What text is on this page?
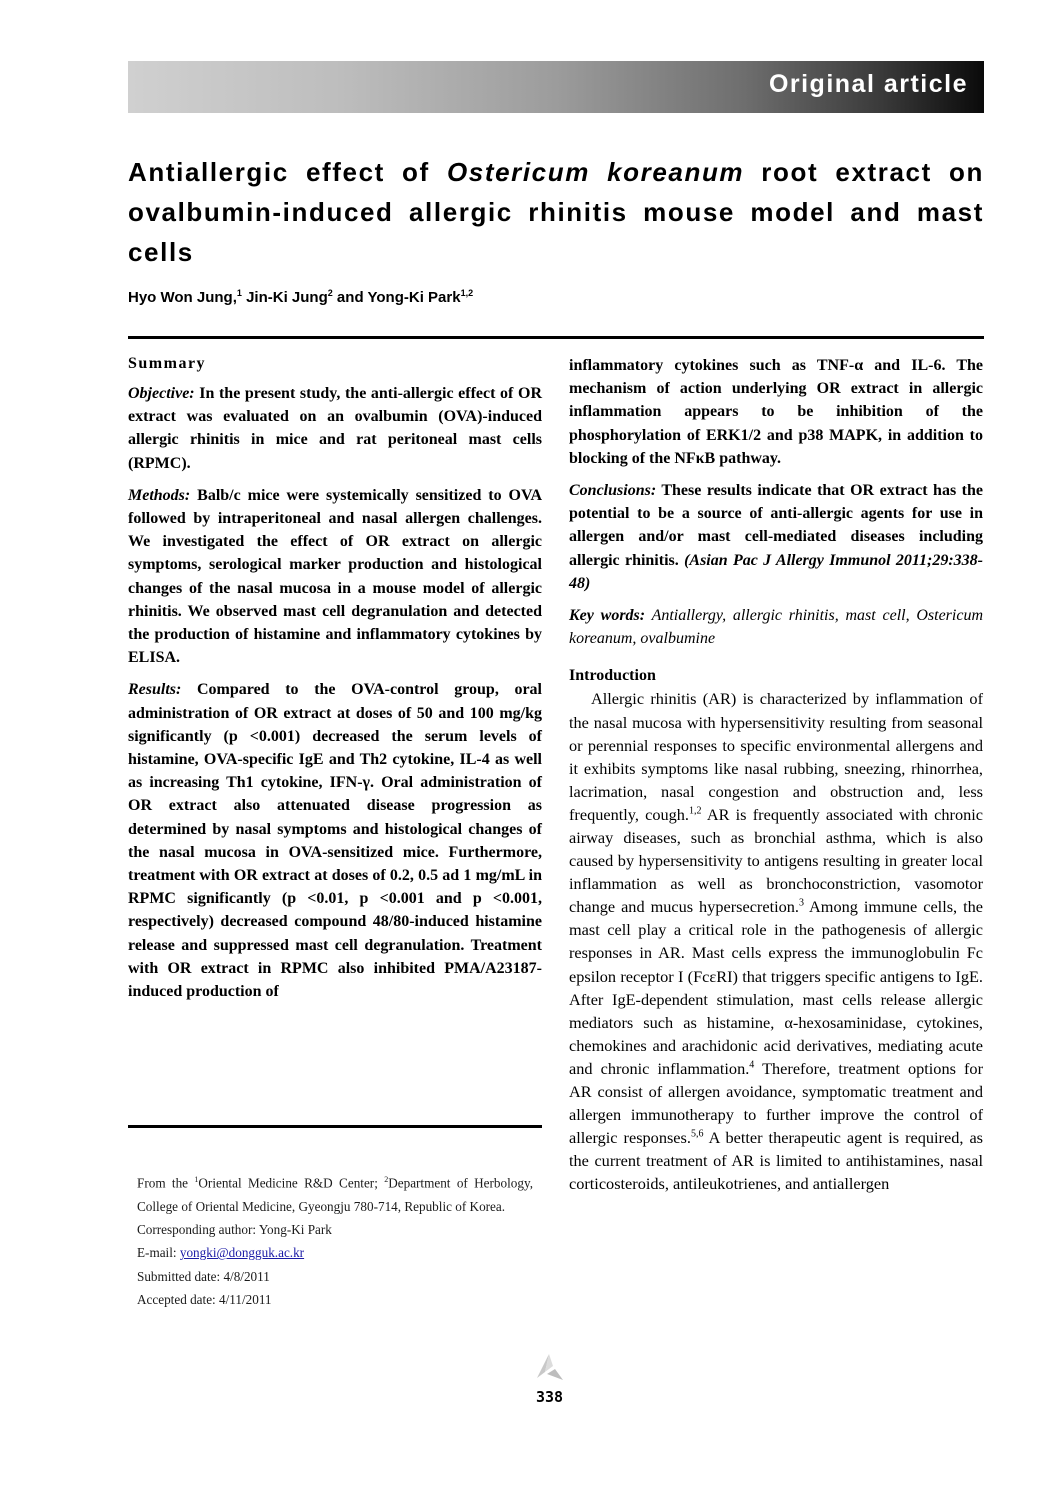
Original article
Antiallergic effect of Ostericum koreanum root extract on ovalbumin-induced allergic rhinitis mouse model and mast cells
Hyo Won Jung,$^1$ Jin-Ki Jung$^2$ and Yong-Ki Park$^{1,2}$
Summary

Objective: In the present study, the anti-allergic effect of OR extract was evaluated on an ovalbumin (OVA)-induced allergic rhinitis in mice and rat peritoneal mast cells (RPMC).

Methods: Balb/c mice were systemically sensitized to OVA followed by intraperitoneal and nasal allergen challenges. We investigated the effect of OR extract on allergic symptoms, serological marker production and histological changes of the nasal mucosa in a mouse model of allergic rhinitis. We observed mast cell degranulation and detected the production of histamine and inflammatory cytokines by ELISA.

Results: Compared to the OVA-control group, oral administration of OR extract at doses of 50 and 100 mg/kg significantly (p <0.001) decreased the serum levels of histamine, OVA-specific IgE and Th2 cytokine, IL-4 as well as increasing Th1 cytokine, IFN-γ. Oral administration of OR extract also attenuated disease progression as determined by nasal symptoms and histological changes of the nasal mucosa in OVA-sensitized mice. Furthermore, treatment with OR extract at doses of 0.2, 0.5 ad 1 mg/mL in RPMC significantly (p <0.01, p <0.001 and p <0.001, respectively) decreased compound 48/80-induced histamine release and suppressed mast cell degranulation. Treatment with OR extract in RPMC also inhibited PMA/A23187-induced production of

From the $^1$Oriental Medicine R&D Center; $^2$Department of Herbology, College of Oriental Medicine, Gyeongju 780-714, Republic of Korea.
Corresponding author: Yong-Ki Park
E-mail: yongki@dongguk.ac.kr
Submitted date: 4/8/2011
Accepted date: 4/11/2011

inflammatory cytokines such as TNF-α and IL-6. The mechanism of action underlying OR extract in allergic inflammation appears to be inhibition of the phosphorylation of ERK1/2 and p38 MAPK, in addition to blocking of the NFκB pathway.

Conclusions: These results indicate that OR extract has the potential to be a source of anti-allergic agents for use in allergen and/or mast cell-mediated diseases including allergic rhinitis. (Asian Pac J Allergy Immunol 2011;29:338-48)

Key words: Antiallergy, allergic rhinitis, mast cell, Ostericum koreanum, ovalbumine

Introduction

Allergic rhinitis (AR) is characterized by inflammation of the nasal mucosa with hypersensitivity resulting from seasonal or perennial responses to specific environmental allergens and it exhibits symptoms like nasal rubbing, sneezing, rhinorrhea, lacrimation, nasal congestion and obstruction and, less frequently, cough.$^{1,2}$ AR is frequently associated with chronic airway diseases, such as bronchial asthma, which is also caused by hypersensitivity to antigens resulting in greater local inflammation as well as bronchoconstriction, vasomotor change and mucus hypersecretion.$^3$ Among immune cells, the mast cell play a critical role in the pathogenesis of allergic responses in AR. Mast cells express the immunoglobulin Fc epsilon receptor I (FcεRI) that triggers specific antigens to IgE. After IgE-dependent stimulation, mast cells release allergic mediators such as histamine, α-hexosaminidase, cytokines, chemokines and arachidonic acid derivatives, mediating acute and chronic inflammation.$^4$ Therefore, treatment options for AR consist of allergen avoidance, symptomatic treatment and allergen immunotherapy to further improve the control of allergic responses.$^{5,6}$ A better therapeutic agent is required, as the current treatment of AR is limited to antihistamines, nasal corticosteroids, antileukotrienes, and antiallergen

338
